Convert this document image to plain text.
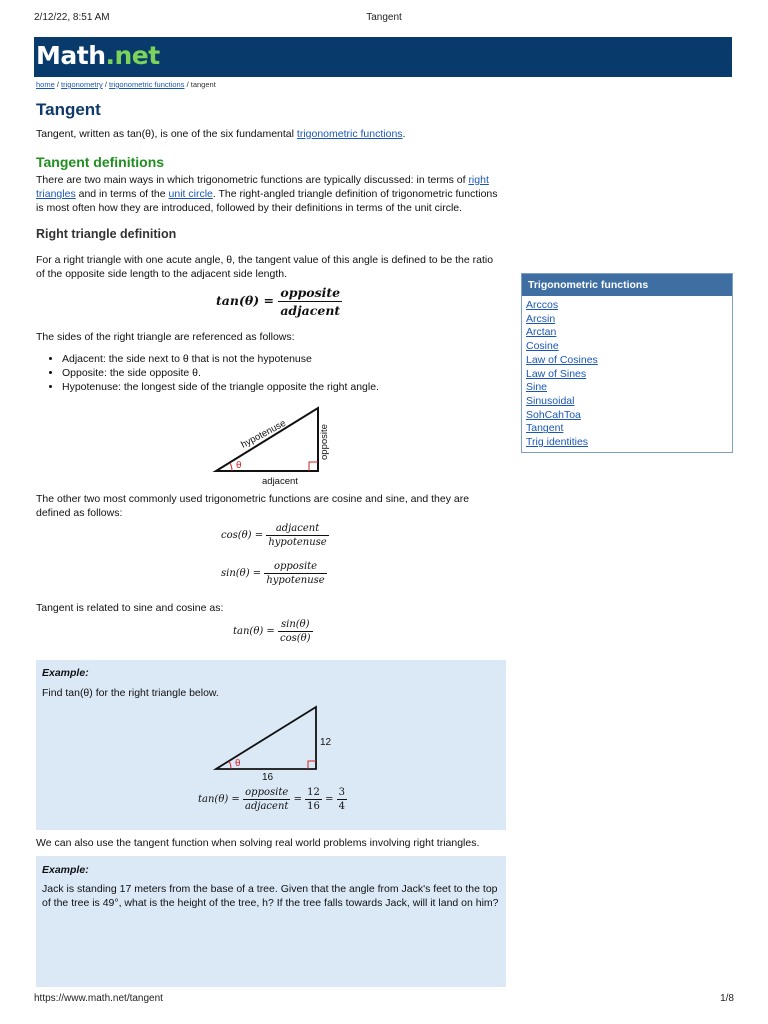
2/12/22, 8:51 AM	Tangent
Math.net
home / trigonometry / trigonometric functions / tangent
Tangent
Tangent, written as tan(θ), is one of the six fundamental trigonometric functions.
Tangent definitions
There are two main ways in which trigonometric functions are typically discussed: in terms of right triangles and in terms of the unit circle. The right-angled triangle definition of trigonometric functions is most often how they are introduced, followed by their definitions in terms of the unit circle.
Right triangle definition
For a right triangle with one acute angle, θ, the tangent value of this angle is defined to be the ratio of the opposite side length to the adjacent side length.
$\tan(\theta) = \frac{\text{opposite}}{\text{adjacent}}$
The sides of the right triangle are referenced as follows:
• Adjacent: the side next to θ that is not the hypotenuse
• Opposite: the side opposite θ.
• Hypotenuse: the longest side of the triangle opposite the right angle.
θ
hypotenuse	opposite
adjacent
The other two most commonly used trigonometric functions are cosine and sine, and they are defined as follows:
$\cos(\theta) = \frac{\text{adjacent}}{\text{hypotenuse}}$
$\sin(\theta) = \frac{\text{opposite}}{\text{hypotenuse}}$
Tangent is related to sine and cosine as:
$\tan(\theta) = \frac{\sin(\theta)}{\cos(\theta)}$
Example:
Find tan(θ) for the right triangle below.
θ
12
16
$\tan(\theta) = \frac{\text{opposite}}{\text{adjacent}} = \frac{12}{16} = \frac{3}{4}$
We can also use the tangent function when solving real world problems involving right triangles.
Example:
Jack is standing 17 meters from the base of a tree. Given that the angle from Jack's feet to the top of the tree is 49°, what is the height of the tree, h? If the tree falls towards Jack, will it land on him?
Trigonometric functions
Arccos
Arcsin
Arctan
Cosine
Law of Cosines
Law of Sines
Sine
Sinusoidal
SohCahToa
Tangent
Trig identities
https://www.math.net/tangent	1/8
